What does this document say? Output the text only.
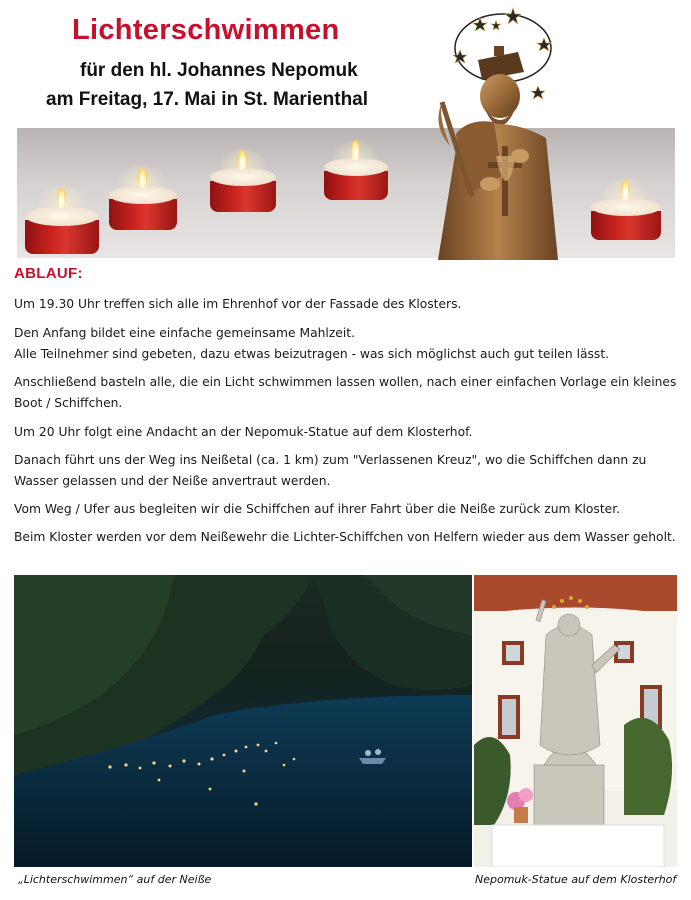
Lichterschwimmen
für den hl. Johannes Nepomuk
am Freitag, 17. Mai in St. Marienthal
ABLAUF:
Um 19.30 Uhr treffen sich alle im Ehrenhof vor der Fassade des Klosters.
Den Anfang bildet eine einfache gemeinsame Mahlzeit.
Alle Teilnehmer sind gebeten, dazu etwas beizutragen - was sich möglichst auch gut teilen lässt.
Anschließend basteln alle, die ein Licht schwimmen lassen wollen, nach einer einfachen Vorlage ein kleines
Boot / Schiffchen.
Um 20 Uhr folgt eine Andacht an der Nepomuk-Statue auf dem Klosterhof.
Danach führt uns der Weg ins Neißetal (ca. 1 km) zum "Verlassenen Kreuz", wo die Schiffchen dann zu
Wasser gelassen und der Neiße anvertraut werden.
Vom Weg / Ufer aus begleiten wir die Schiffchen auf ihrer Fahrt über die Neiße zurück zum Kloster.
Beim Kloster werden vor dem Neißewehr die Lichter-Schiffchen von Helfern wieder aus dem Wasser geholt.
„Lichterschwimmen“ auf der Neiße	Nepomuk-Statue auf dem Klosterhof
